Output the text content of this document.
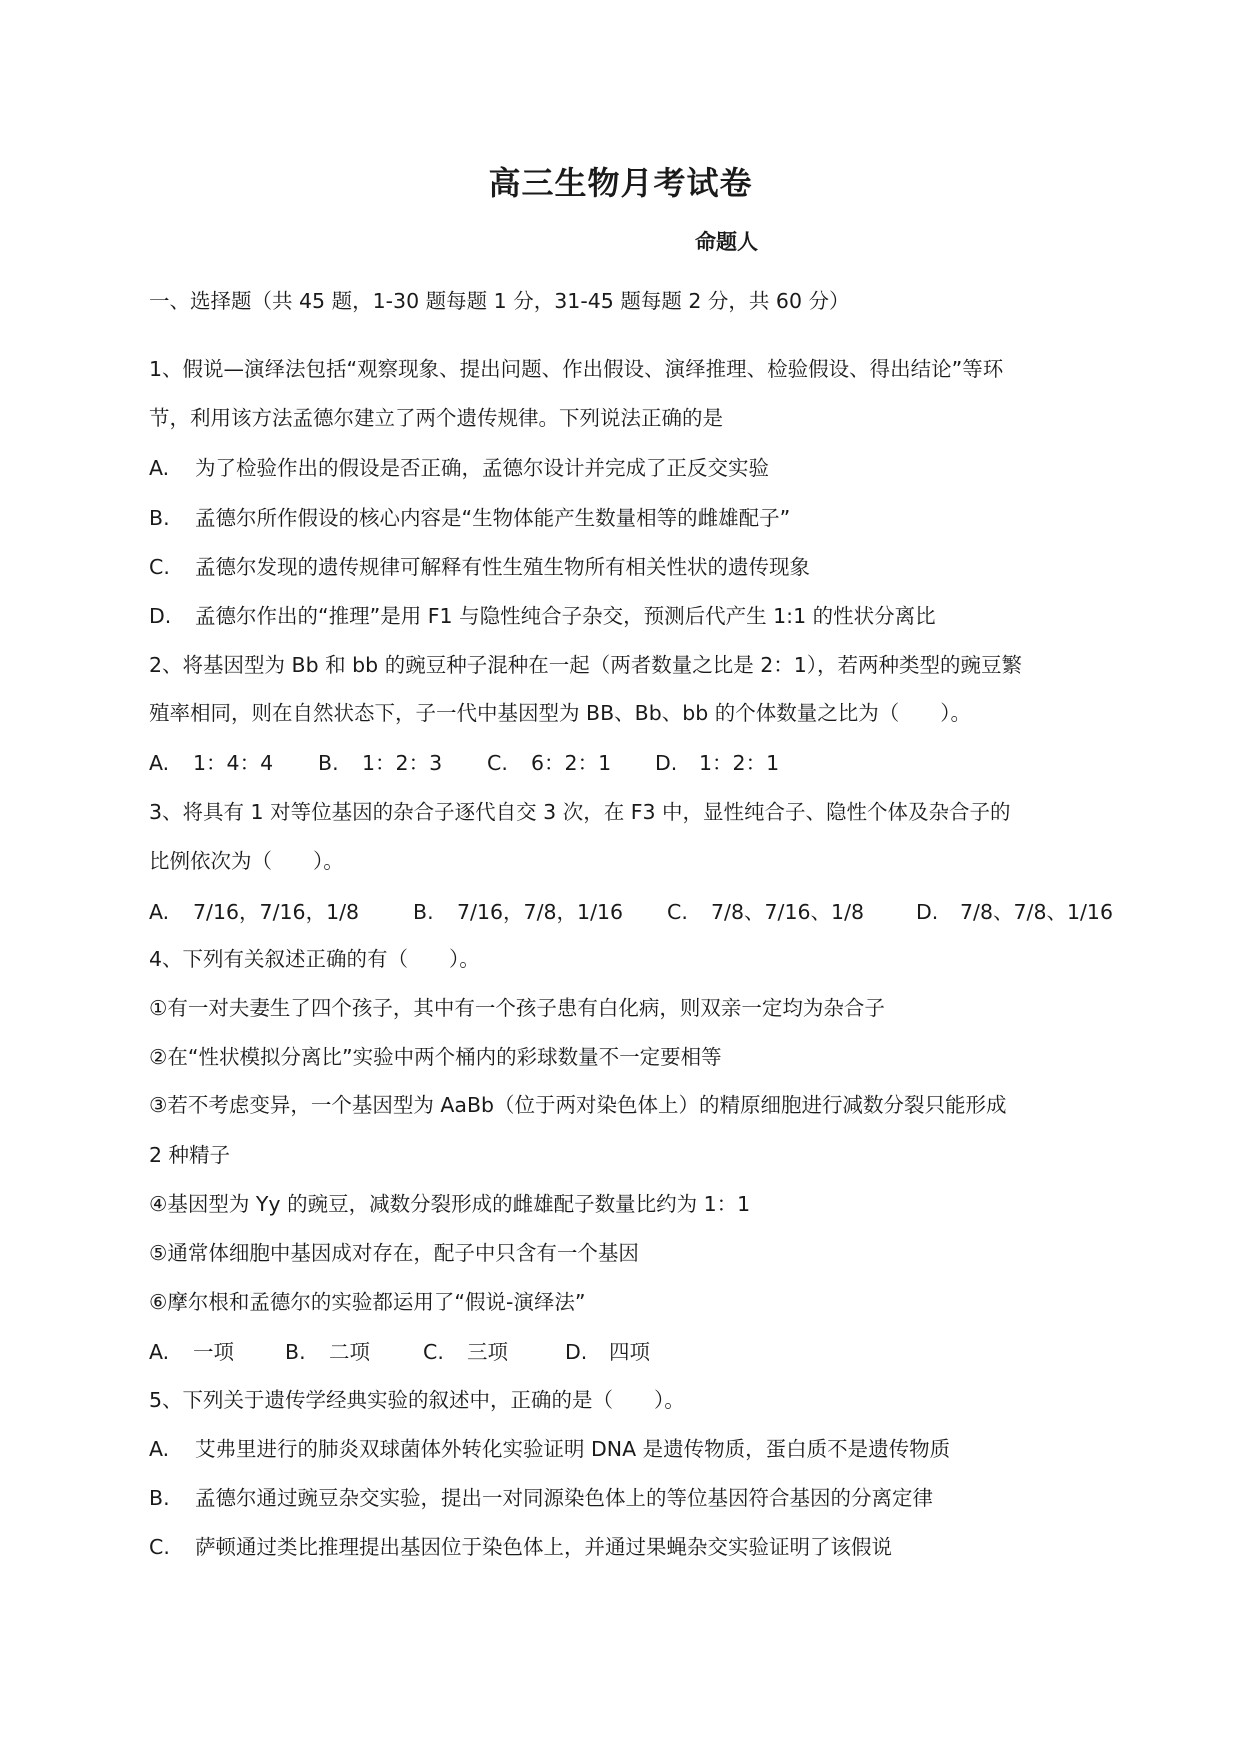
高三生物月考试卷
命题人
一、选择题（共 45 题，1-30 题每题 1 分，31-45 题每题 2 分，共 60 分）
1、假说—演绎法包括“观察现象、提出问题、作出假设、演绎推理、检验假设、得出结论”等环
节，利用该方法孟德尔建立了两个遗传规律。下列说法正确的是
A. 为了检验作出的假设是否正确，孟德尔设计并完成了正反交实验
B. 孟德尔所作假设的核心内容是“生物体能产生数量相等的雌雄配子”
C. 孟德尔发现的遗传规律可解释有性生殖生物所有相关性状的遗传现象
D. 孟德尔作出的“推理”是用 F1 与隐性纯合子杂交，预测后代产生 1:1 的性状分离比
2、将基因型为 Bb 和 bb 的豌豆种子混种在一起（两者数量之比是 2：1），若两种类型的豌豆繁
殖率相同，则在自然状态下，子一代中基因型为 BB、Bb、bb 的个体数量之比为（　　）。
A. 1：4：4 B. 1：2：3 C. 6：2：1 D. 1：2：1
3、将具有 1 对等位基因的杂合子逐代自交 3 次，在 F3 中，显性纯合子、隐性个体及杂合子的
比例依次为（　　）。
A. 7/16，7/16，1/8	B. 7/16，7/8，1/16 C. 7/8、7/16、1/8	D. 7/8、7/8、1/16
4、下列有关叙述正确的有（　　）。
①有一对夫妻生了四个孩子，其中有一个孩子患有白化病，则双亲一定均为杂合子
②在“性状模拟分离比”实验中两个桶内的彩球数量不一定要相等
③若不考虑变异，一个基因型为 AaBb（位于两对染色体上）的精原细胞进行减数分裂只能形成
2 种精子
④基因型为 Yy 的豌豆，减数分裂形成的雌雄配子数量比约为 1：1
⑤通常体细胞中基因成对存在，配子中只含有一个基因
⑥摩尔根和孟德尔的实验都运用了“假说-演绎法”
A. 一项 B. 二项	C. 三项	D. 四项
5、下列关于遗传学经典实验的叙述中，正确的是（　　）。
A. 艾弗里进行的肺炎双球菌体外转化实验证明 DNA 是遗传物质，蛋白质不是遗传物质
B. 孟德尔通过豌豆杂交实验，提出一对同源染色体上的等位基因符合基因的分离定律
C. 萨顿通过类比推理提出基因位于染色体上，并通过果蝇杂交实验证明了该假说
